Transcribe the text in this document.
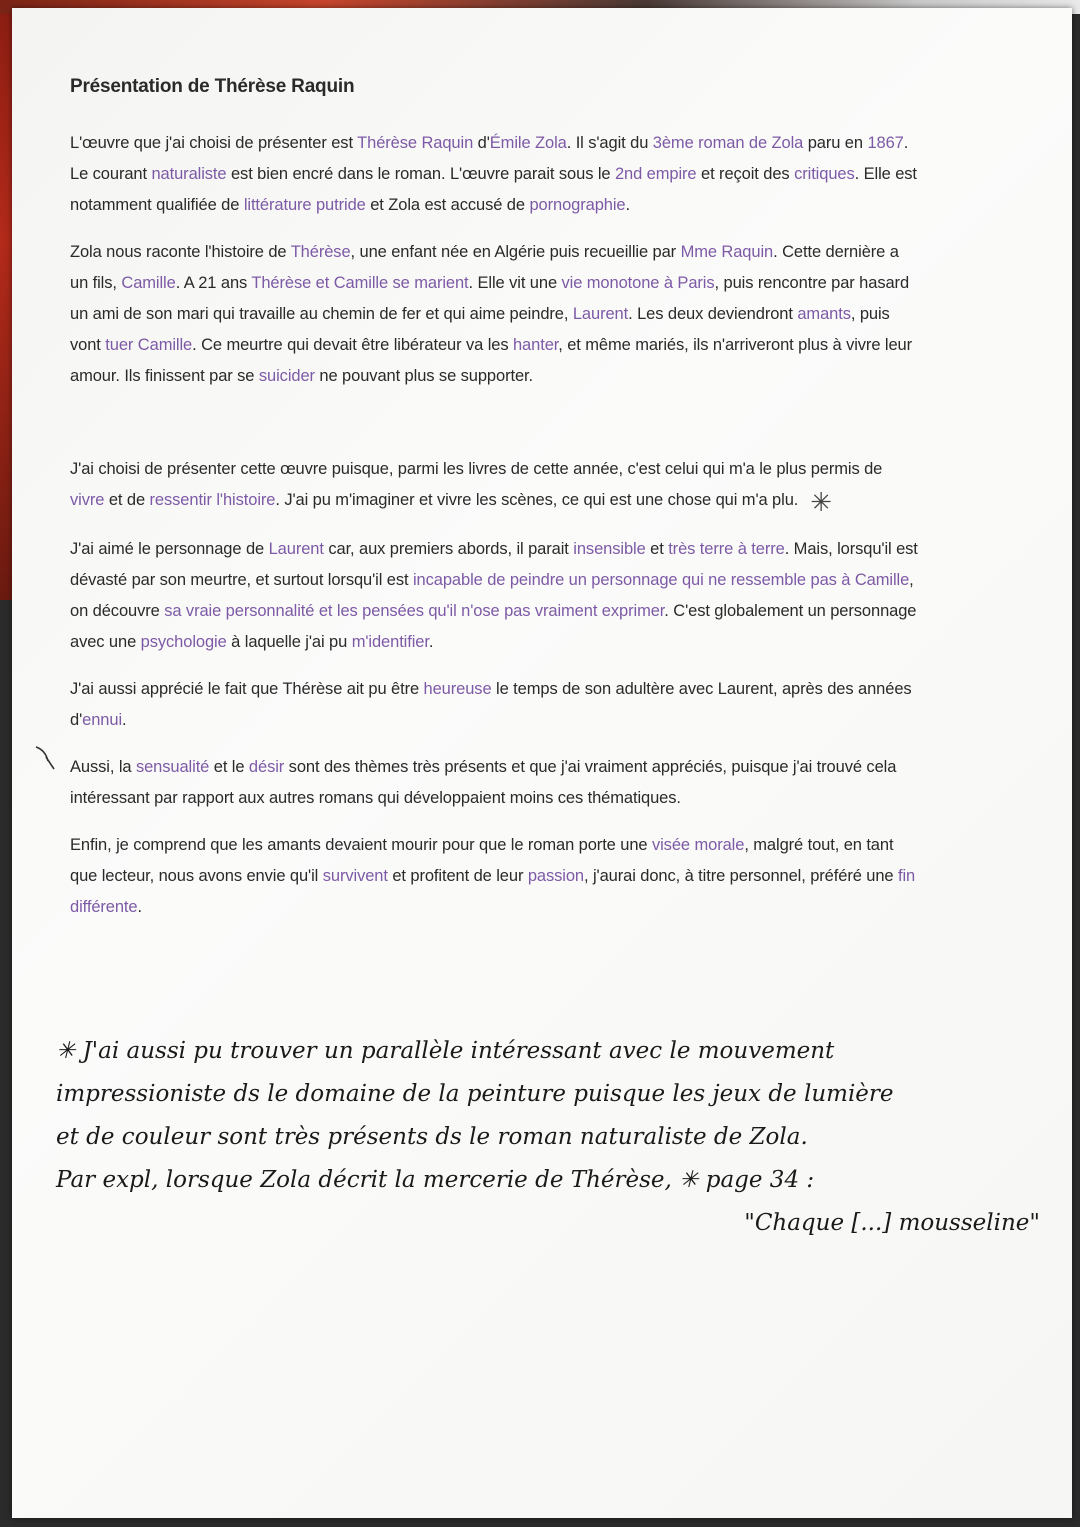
Présentation de Thérèse Raquin

L'œuvre que j'ai choisi de présenter est Thérèse Raquin d'Émile Zola. Il s'agit du 3ème roman de Zola paru en 1867. Le courant naturaliste est bien encré dans le roman. L'œuvre parait sous le 2nd empire et reçoit des critiques. Elle est notamment qualifiée de littérature putride et Zola est accusé de pornographie.

Zola nous raconte l'histoire de Thérèse, une enfant née en Algérie puis recueillie par Mme Raquin. Cette dernière a un fils, Camille. A 21 ans Thérèse et Camille se marient. Elle vit une vie monotone à Paris, puis rencontre par hasard un ami de son mari qui travaille au chemin de fer et qui aime peindre, Laurent. Les deux deviendront amants, puis vont tuer Camille. Ce meurtre qui devait être libérateur va les hanter, et même mariés, ils n'arriveront plus à vivre leur amour. Ils finissent par se suicider ne pouvant plus se supporter.

J'ai choisi de présenter cette œuvre puisque, parmi les livres de cette année, c'est celui qui m'a le plus permis de vivre et de ressentir l'histoire. J'ai pu m'imaginer et vivre les scènes, ce qui est une chose qui m'a plu. ✳

J'ai aimé le personnage de Laurent car, aux premiers abords, il parait insensible et très terre à terre. Mais, lorsqu'il est dévasté par son meurtre, et surtout lorsqu'il est incapable de peindre un personnage qui ne ressemble pas à Camille, on découvre sa vraie personnalité et les pensées qu'il n'ose pas vraiment exprimer. C'est globalement un personnage avec une psychologie à laquelle j'ai pu m'identifier.

J'ai aussi apprécié le fait que Thérèse ait pu être heureuse le temps de son adultère avec Laurent, après des années d'ennui.

Aussi, la sensualité et le désir sont des thèmes très présents et que j'ai vraiment appréciés, puisque j'ai trouvé cela intéressant par rapport aux autres romans qui développaient moins ces thématiques.

Enfin, je comprend que les amants devaient mourir pour que le roman porte une visée morale, malgré tout, en tant que lecteur, nous avons envie qu'il survivent et profitent de leur passion, j'aurai donc, à titre personnel, préféré une fin différente.

✳ J'ai aussi pu trouver un parallèle intéressant avec le mouvement

impressioniste ds le domaine de la peinture puisque les jeux de lumière

et de couleur sont très présents ds le roman naturaliste de Zola.

Par expl, lorsque Zola décrit la mercerie de Thérèse, ✳ page 34 :

"Chaque [...] mousseline"
